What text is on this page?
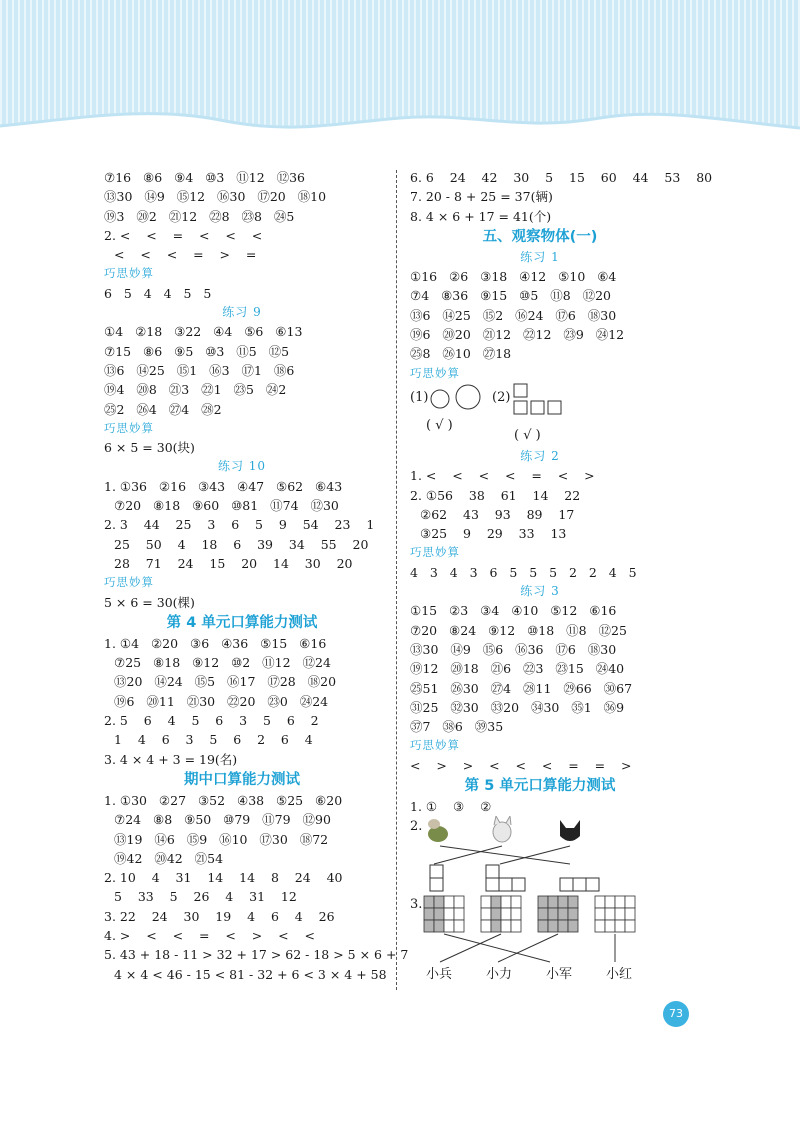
⑦16   ⑧6   ⑨4   ⑩3   ⑪12   ⑫36
⑬30   ⑭9   ⑮12   ⑯30   ⑰20   ⑱10
⑲3   ⑳2   ㉑12   ㉒8   ㉓8   ㉔5
2. <    <    =    <    <    <
<    <    <    =    >    =
巧思妙算
6   5   4   4   5   5
练习 9
①4   ②18   ③22   ④4   ⑤6   ⑥13
⑦15   ⑧6   ⑨5   ⑩3   ⑪5   ⑫5
⑬6   ⑭25   ⑮1   ⑯3   ⑰1   ⑱6
⑲4   ⑳8   ㉑3   ㉒1   ㉓5   ㉔2
㉕2   ㉖4   ㉗4   ㉘2
巧思妙算
6 × 5 = 30(块)
练习 10
1. ①36   ②16   ③43   ④47   ⑤62   ⑥43
⑦20   ⑧18   ⑨60   ⑩81   ⑪74   ⑫30
2. 3    44    25    3    6    5    9    54    23    1
25    50    4    18    6    39    34    55    20
28    71    24    15    20    14    30    20
巧思妙算
5 × 6 = 30(棵)
第 4 单元口算能力测试
1. ①4   ②20   ③6   ④36   ⑤15   ⑥16
⑦25   ⑧18   ⑨12   ⑩2   ⑪12   ⑫24
⑬20   ⑭24   ⑮5   ⑯17   ⑰28   ⑱20
⑲6   ⑳11   ㉑30   ㉒20   ㉓0   ㉔24
2. 5    6    4    5    6    3    5    6    2
1    4    6    3    5    6    2    6    4
3. 4 × 4 + 3 = 19(名)
期中口算能力测试
1. ①30   ②27   ③52   ④38   ⑤25   ⑥20
⑦24   ⑧8   ⑨50   ⑩79   ⑪79   ⑫90
⑬19   ⑭6   ⑮9   ⑯10   ⑰30   ⑱72
⑲42   ⑳42   ㉑54
2. 10    4    31    14    14    8    24    40
5    33    5    26    4    31    12
3. 22    24    30    19    4    6    4    26
4. >    <    <    =    <    >    <    <
5. 43 + 18 - 11 > 32 + 17 > 62 - 18 > 5 × 6 + 7
4 × 4 < 46 - 15 < 81 - 32 + 6 < 3 × 4 + 58
6. 6    24    42    30    5    15    60    44    53    80
7. 20 - 8 + 25 = 37(辆)
8. 4 × 6 + 17 = 41(个)
五、观察物体(一)
练习 1
①16   ②6   ③18   ④12   ⑤10   ⑥4
⑦4   ⑧36   ⑨15   ⑩5   ⑪8   ⑫20
⑬6   ⑭25   ⑮2   ⑯24   ⑰6   ⑱30
⑲6   ⑳20   ㉑12   ㉒12   ㉓9   ㉔12
㉕8   ㉖10   ㉗18
巧思妙算
(1)
( √ )
(2)
( √ )
练习 2
1. <    <    <    <    =    <    >
2. ①56    38    61    14    22
②62    43    93    89    17
③25    9    29    33    13
巧思妙算
4   3   4   3   6   5   5   5   2   2   4   5
练习 3
①15   ②3   ③4   ④10   ⑤12   ⑥16
⑦20   ⑧24   ⑨12   ⑩18   ⑪8   ⑫25
⑬30   ⑭9   ⑮6   ⑯36   ⑰6   ⑱30
⑲12   ⑳18   ㉑6   ㉒3   ㉓15   ㉔40
㉕51   ㉖30   ㉗4   ㉘11   ㉙66   ㉚67
㉛25   ㉜30   ㉝20   ㉞30   ㉟1   ㊱9
㊲7   ㊳6   ㊴35
巧思妙算
<    >    >    <    <    <    =    =    >
第 5 单元口算能力测试
1. ①    ③    ②
2.
3.
小兵	小力	小军	小红
73
